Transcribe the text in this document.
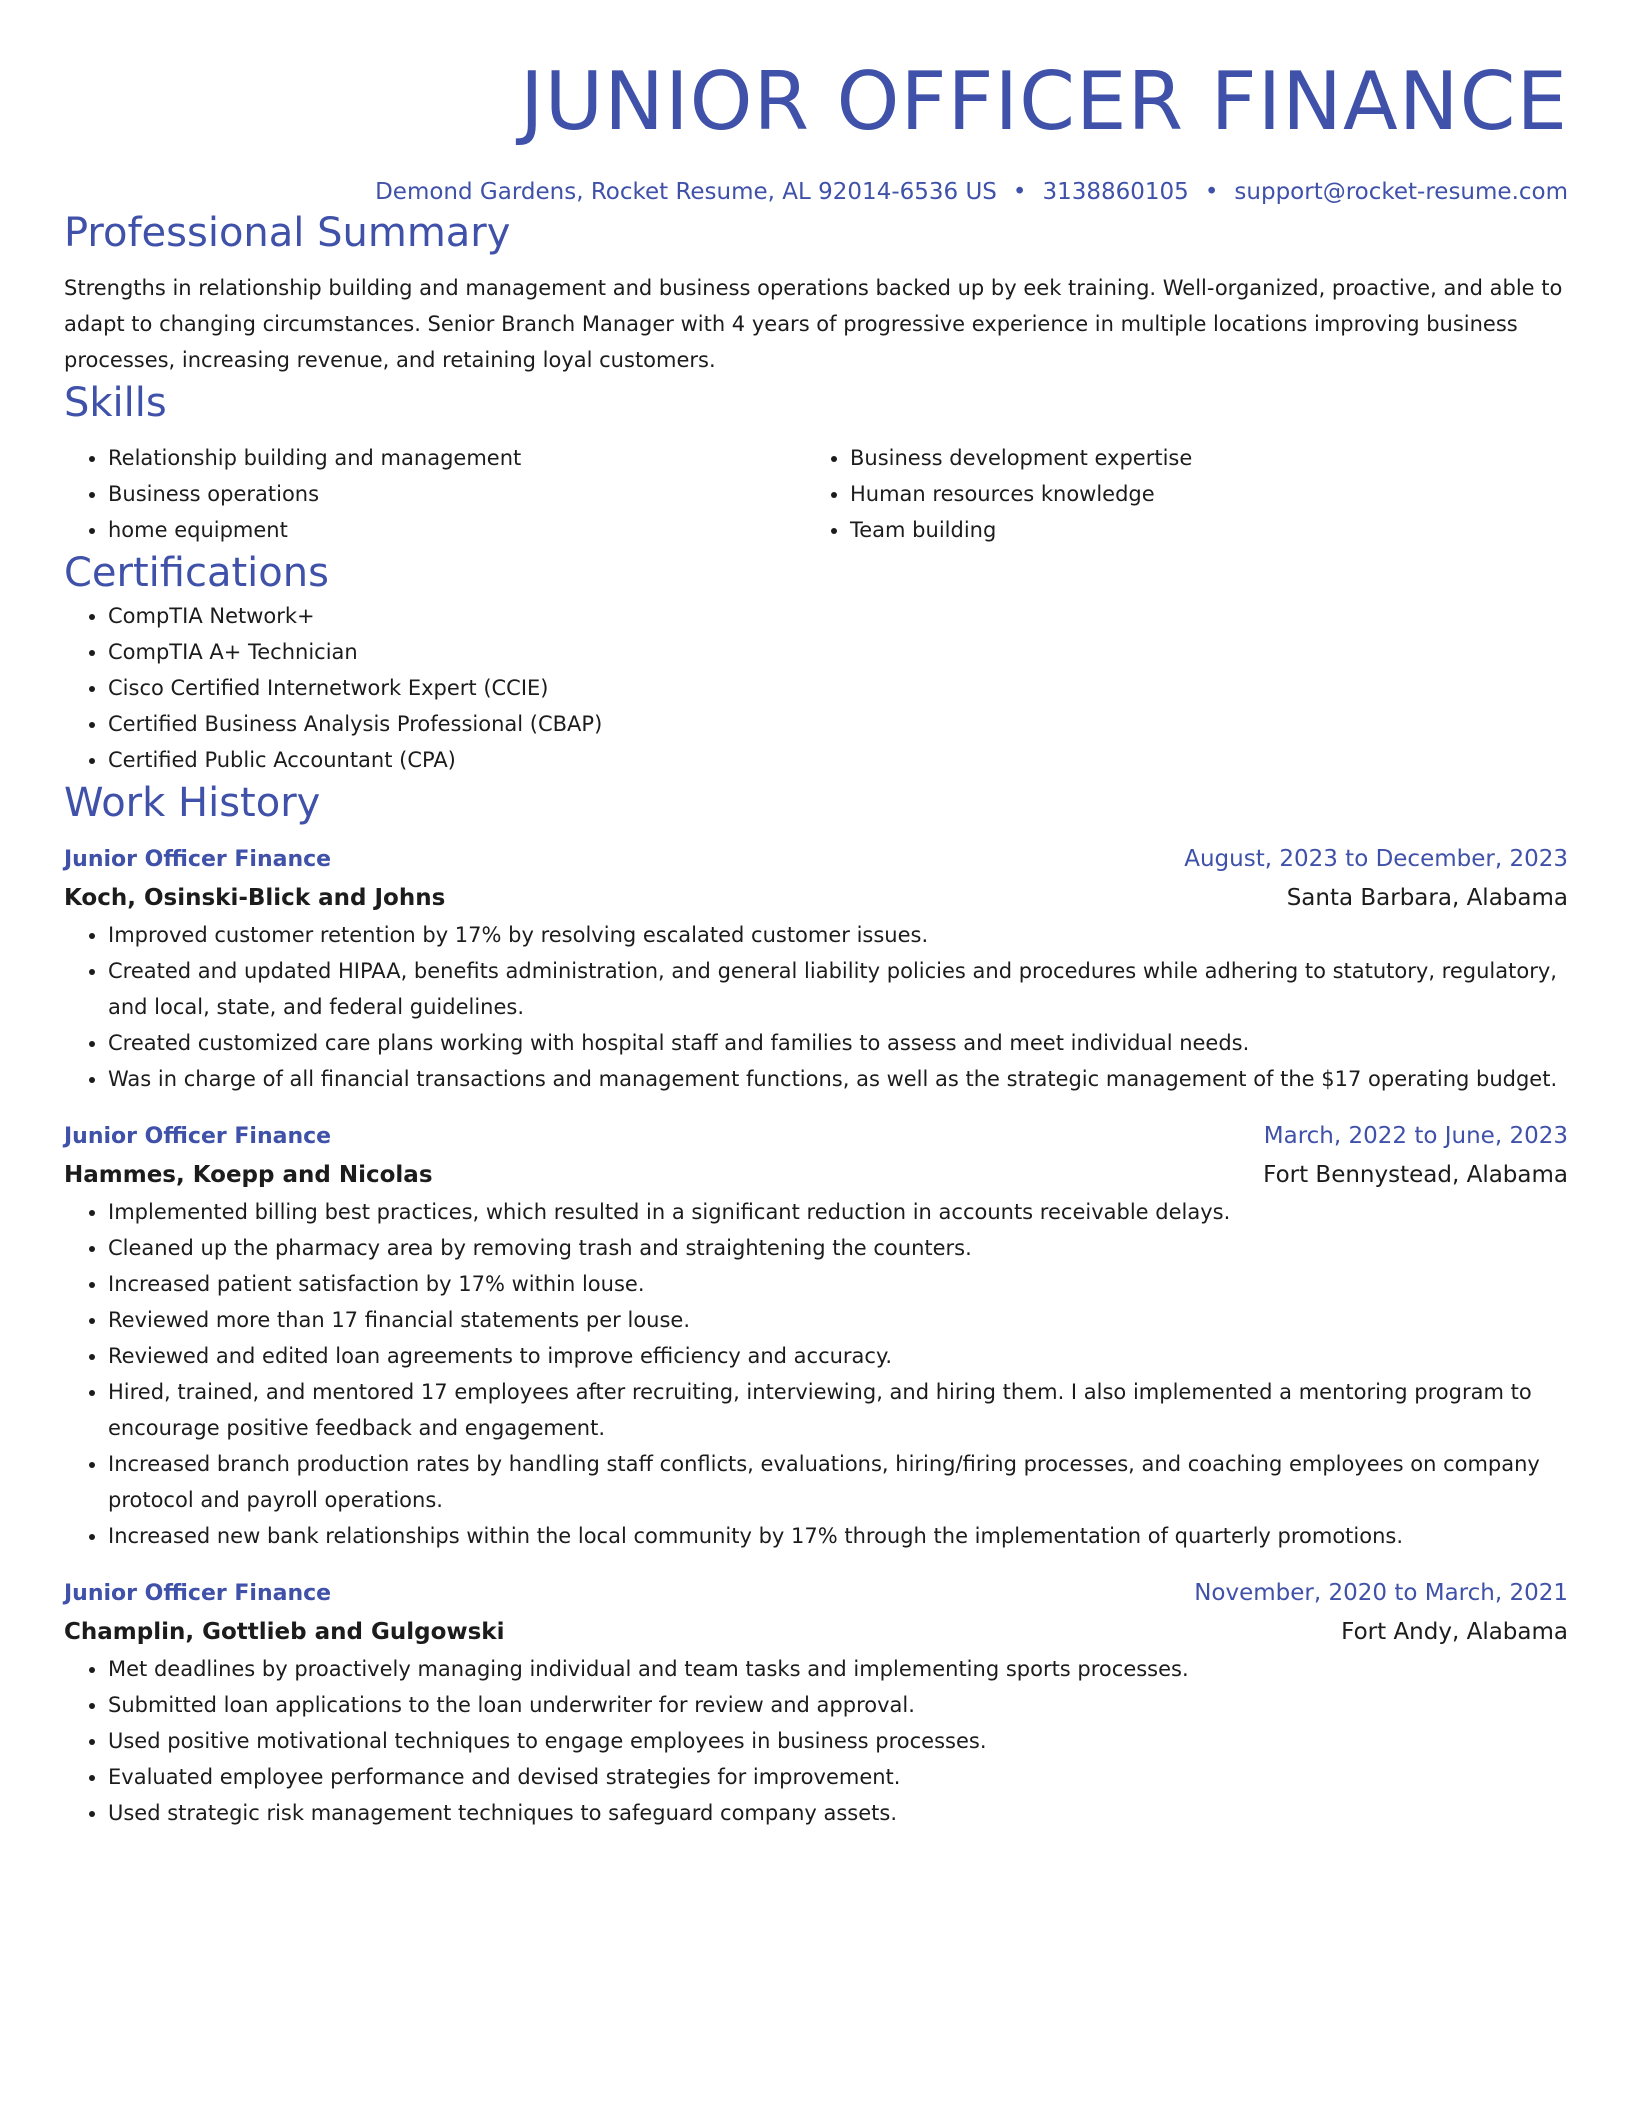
JUNIOR OFFICER FINANCE
Demond Gardens, Rocket Resume, AL 92014-6536 US • 3138860105 • support@rocket-resume.com
Professional Summary

Strengths in relationship building and management and business operations backed up by eek training. Well-organized, proactive, and able to adapt to changing circumstances. Senior Branch Manager with 4 years of progressive experience in multiple locations improving business processes, increasing revenue, and retaining loyal customers.

Skills
• Relationship building and management
• Business operations
• home equipment
• Business development expertise
• Human resources knowledge
• Team building
Certifications
• CompTIA Network+
• CompTIA A+ Technician
• Cisco Certified Internetwork Expert (CCIE)
• Certified Business Analysis Professional (CBAP)
• Certified Public Accountant (CPA)
Work History
Junior Officer Finance	August, 2023 to December, 2023
Koch, Osinski-Blick and Johns	Santa Barbara, Alabama
• Improved customer retention by 17% by resolving escalated customer issues.
• Created and updated HIPAA, benefits administration, and general liability policies and procedures while adhering to statutory, regulatory, and local, state, and federal guidelines.
• Created customized care plans working with hospital staff and families to assess and meet individual needs.
• Was in charge of all financial transactions and management functions, as well as the strategic management of the $17 operating budget.
Junior Officer Finance	March, 2022 to June, 2023
Hammes, Koepp and Nicolas	Fort Bennystead, Alabama
• Implemented billing best practices, which resulted in a significant reduction in accounts receivable delays.
• Cleaned up the pharmacy area by removing trash and straightening the counters.
• Increased patient satisfaction by 17% within louse.
• Reviewed more than 17 financial statements per louse.
• Reviewed and edited loan agreements to improve efficiency and accuracy.
• Hired, trained, and mentored 17 employees after recruiting, interviewing, and hiring them. I also implemented a mentoring program to encourage positive feedback and engagement.
• Increased branch production rates by handling staff conflicts, evaluations, hiring/firing processes, and coaching employees on company protocol and payroll operations.
• Increased new bank relationships within the local community by 17% through the implementation of quarterly promotions.
Junior Officer Finance	November, 2020 to March, 2021
Champlin, Gottlieb and Gulgowski	Fort Andy, Alabama
• Met deadlines by proactively managing individual and team tasks and implementing sports processes.
• Submitted loan applications to the loan underwriter for review and approval.
• Used positive motivational techniques to engage employees in business processes.
• Evaluated employee performance and devised strategies for improvement.
• Used strategic risk management techniques to safeguard company assets.
